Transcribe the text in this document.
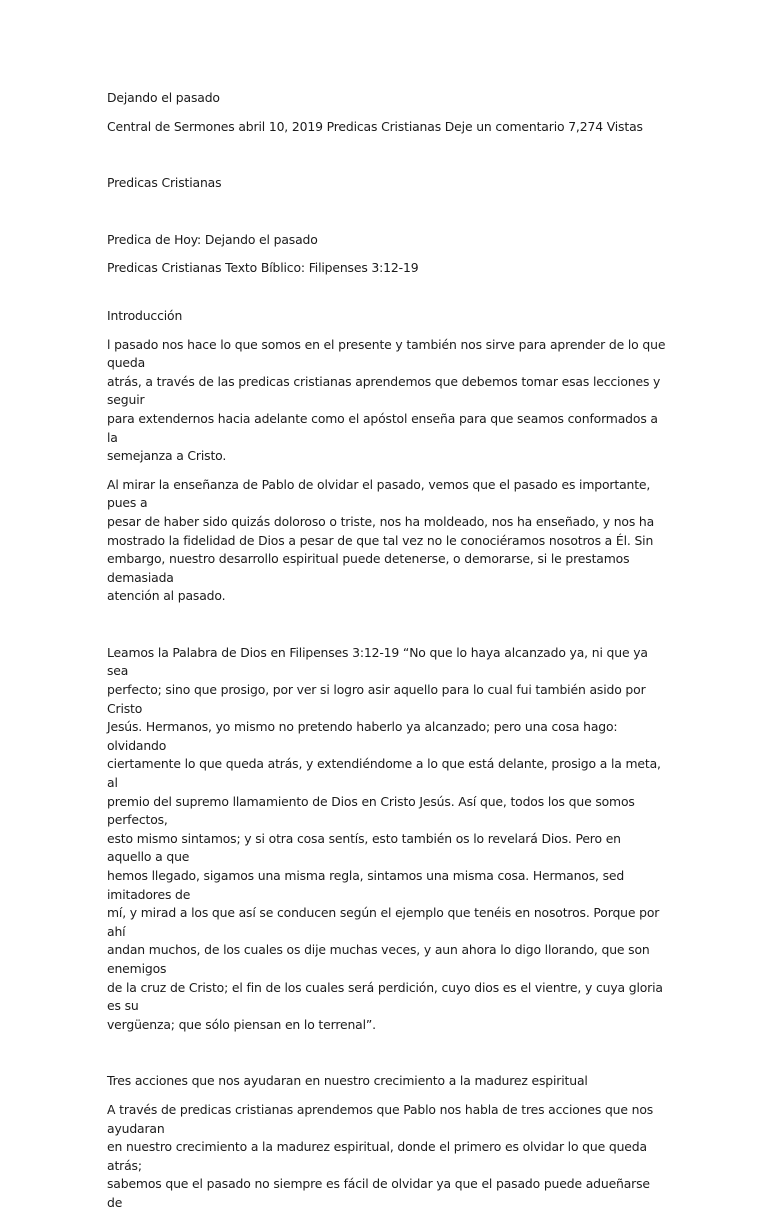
Dejando el pasado

Central de Sermones abril 10, 2019 Predicas Cristianas Deje un comentario 7,274 Vistas

Predicas Cristianas

Predica de Hoy: Dejando el pasado

Predicas Cristianas Texto Bíblico: Filipenses 3:12-19

Introducción

l pasado nos hace lo que somos en el presente y también nos sirve para aprender de lo que queda
atrás, a través de las predicas cristianas aprendemos que debemos tomar esas lecciones y seguir
para extendernos hacia adelante como el apóstol enseña para que seamos conformados a la
semejanza a Cristo.

Al mirar la enseñanza de Pablo de olvidar el pasado, vemos que el pasado es importante, pues a
pesar de haber sido quizás doloroso o triste, nos ha moldeado, nos ha enseñado, y nos ha
mostrado la fidelidad de Dios a pesar de que tal vez no le conociéramos nosotros a Él. Sin
embargo, nuestro desarrollo espiritual puede detenerse, o demorarse, si le prestamos demasiada
atención al pasado.

Leamos la Palabra de Dios en Filipenses 3:12-19 “No que lo haya alcanzado ya, ni que ya sea
perfecto; sino que prosigo, por ver si logro asir aquello para lo cual fui también asido por Cristo
Jesús. Hermanos, yo mismo no pretendo haberlo ya alcanzado; pero una cosa hago: olvidando
ciertamente lo que queda atrás, y extendiéndome a lo que está delante, prosigo a la meta, al
premio del supremo llamamiento de Dios en Cristo Jesús. Así que, todos los que somos perfectos,
esto mismo sintamos; y si otra cosa sentís, esto también os lo revelará Dios. Pero en aquello a que
hemos llegado, sigamos una misma regla, sintamos una misma cosa. Hermanos, sed imitadores de
mí, y mirad a los que así se conducen según el ejemplo que tenéis en nosotros. Porque por ahí
andan muchos, de los cuales os dije muchas veces, y aun ahora lo digo llorando, que son enemigos
de la cruz de Cristo; el fin de los cuales será perdición, cuyo dios es el vientre, y cuya gloria es su
vergüenza; que sólo piensan en lo terrenal”.

Tres acciones que nos ayudaran en nuestro crecimiento a la madurez espiritual

A través de predicas cristianas aprendemos que Pablo nos habla de tres acciones que nos ayudaran
en nuestro crecimiento a la madurez espiritual, donde el primero es olvidar lo que queda atrás;
sabemos que el pasado no siempre es fácil de olvidar ya que el pasado puede adueñarse de
